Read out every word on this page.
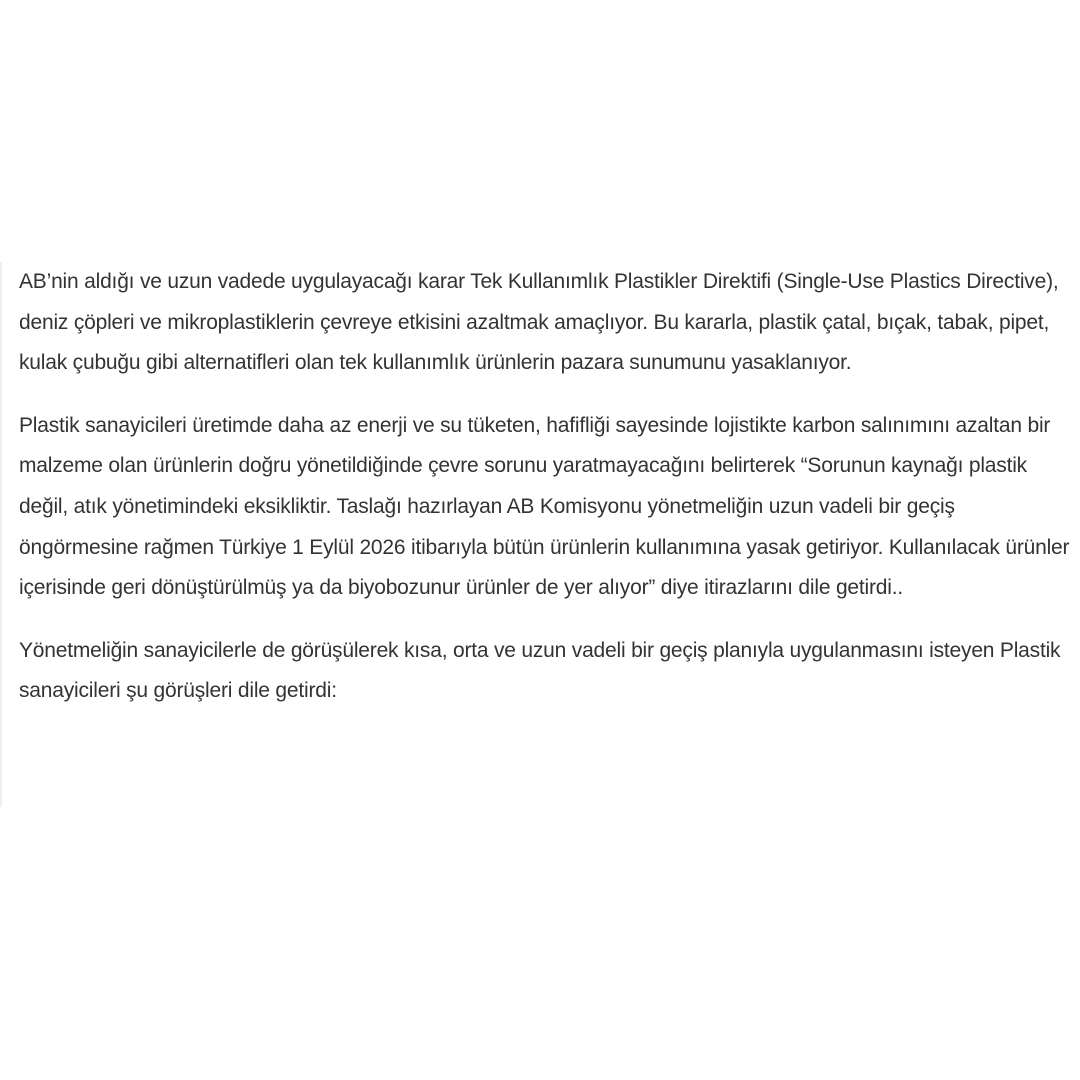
AB’nin aldığı ve uzun vadede uygulayacağı karar Tek Kullanımlık Plastikler Direktifi (Single-Use Plastics Directive), deniz çöpleri ve mikroplastiklerin çevreye etkisini azaltmak amaçlıyor. Bu kararla, plastik çatal, bıçak, tabak, pipet, kulak çubuğu gibi alternatifleri olan tek kullanımlık ürünlerin pazara sunumunu yasaklanıyor.

Plastik sanayicileri üretimde daha az enerji ve su tüketen, hafifliği sayesinde lojistikte karbon salınımını azaltan bir malzeme olan ürünlerin doğru yönetildiğinde çevre sorunu yaratmayacağını belirterek “Sorunun kaynağı plastik değil, atık yönetimindeki eksikliktir. Taslağı hazırlayan AB Komisyonu yönetmeliğin uzun vadeli bir geçiş öngörmesine rağmen Türkiye 1 Eylül 2026 itibarıyla bütün ürünlerin kullanımına yasak getiriyor. Kullanılacak ürünler içerisinde geri dönüştürülmüş ya da biyobozunur ürünler de yer alıyor” diye itirazlarını dile getirdi..

Yönetmeliğin sanayicilerle de görüşülerek kısa, orta ve uzun vadeli bir geçiş planıyla uygulanmasını isteyen Plastik sanayicileri şu görüşleri dile getirdi:
